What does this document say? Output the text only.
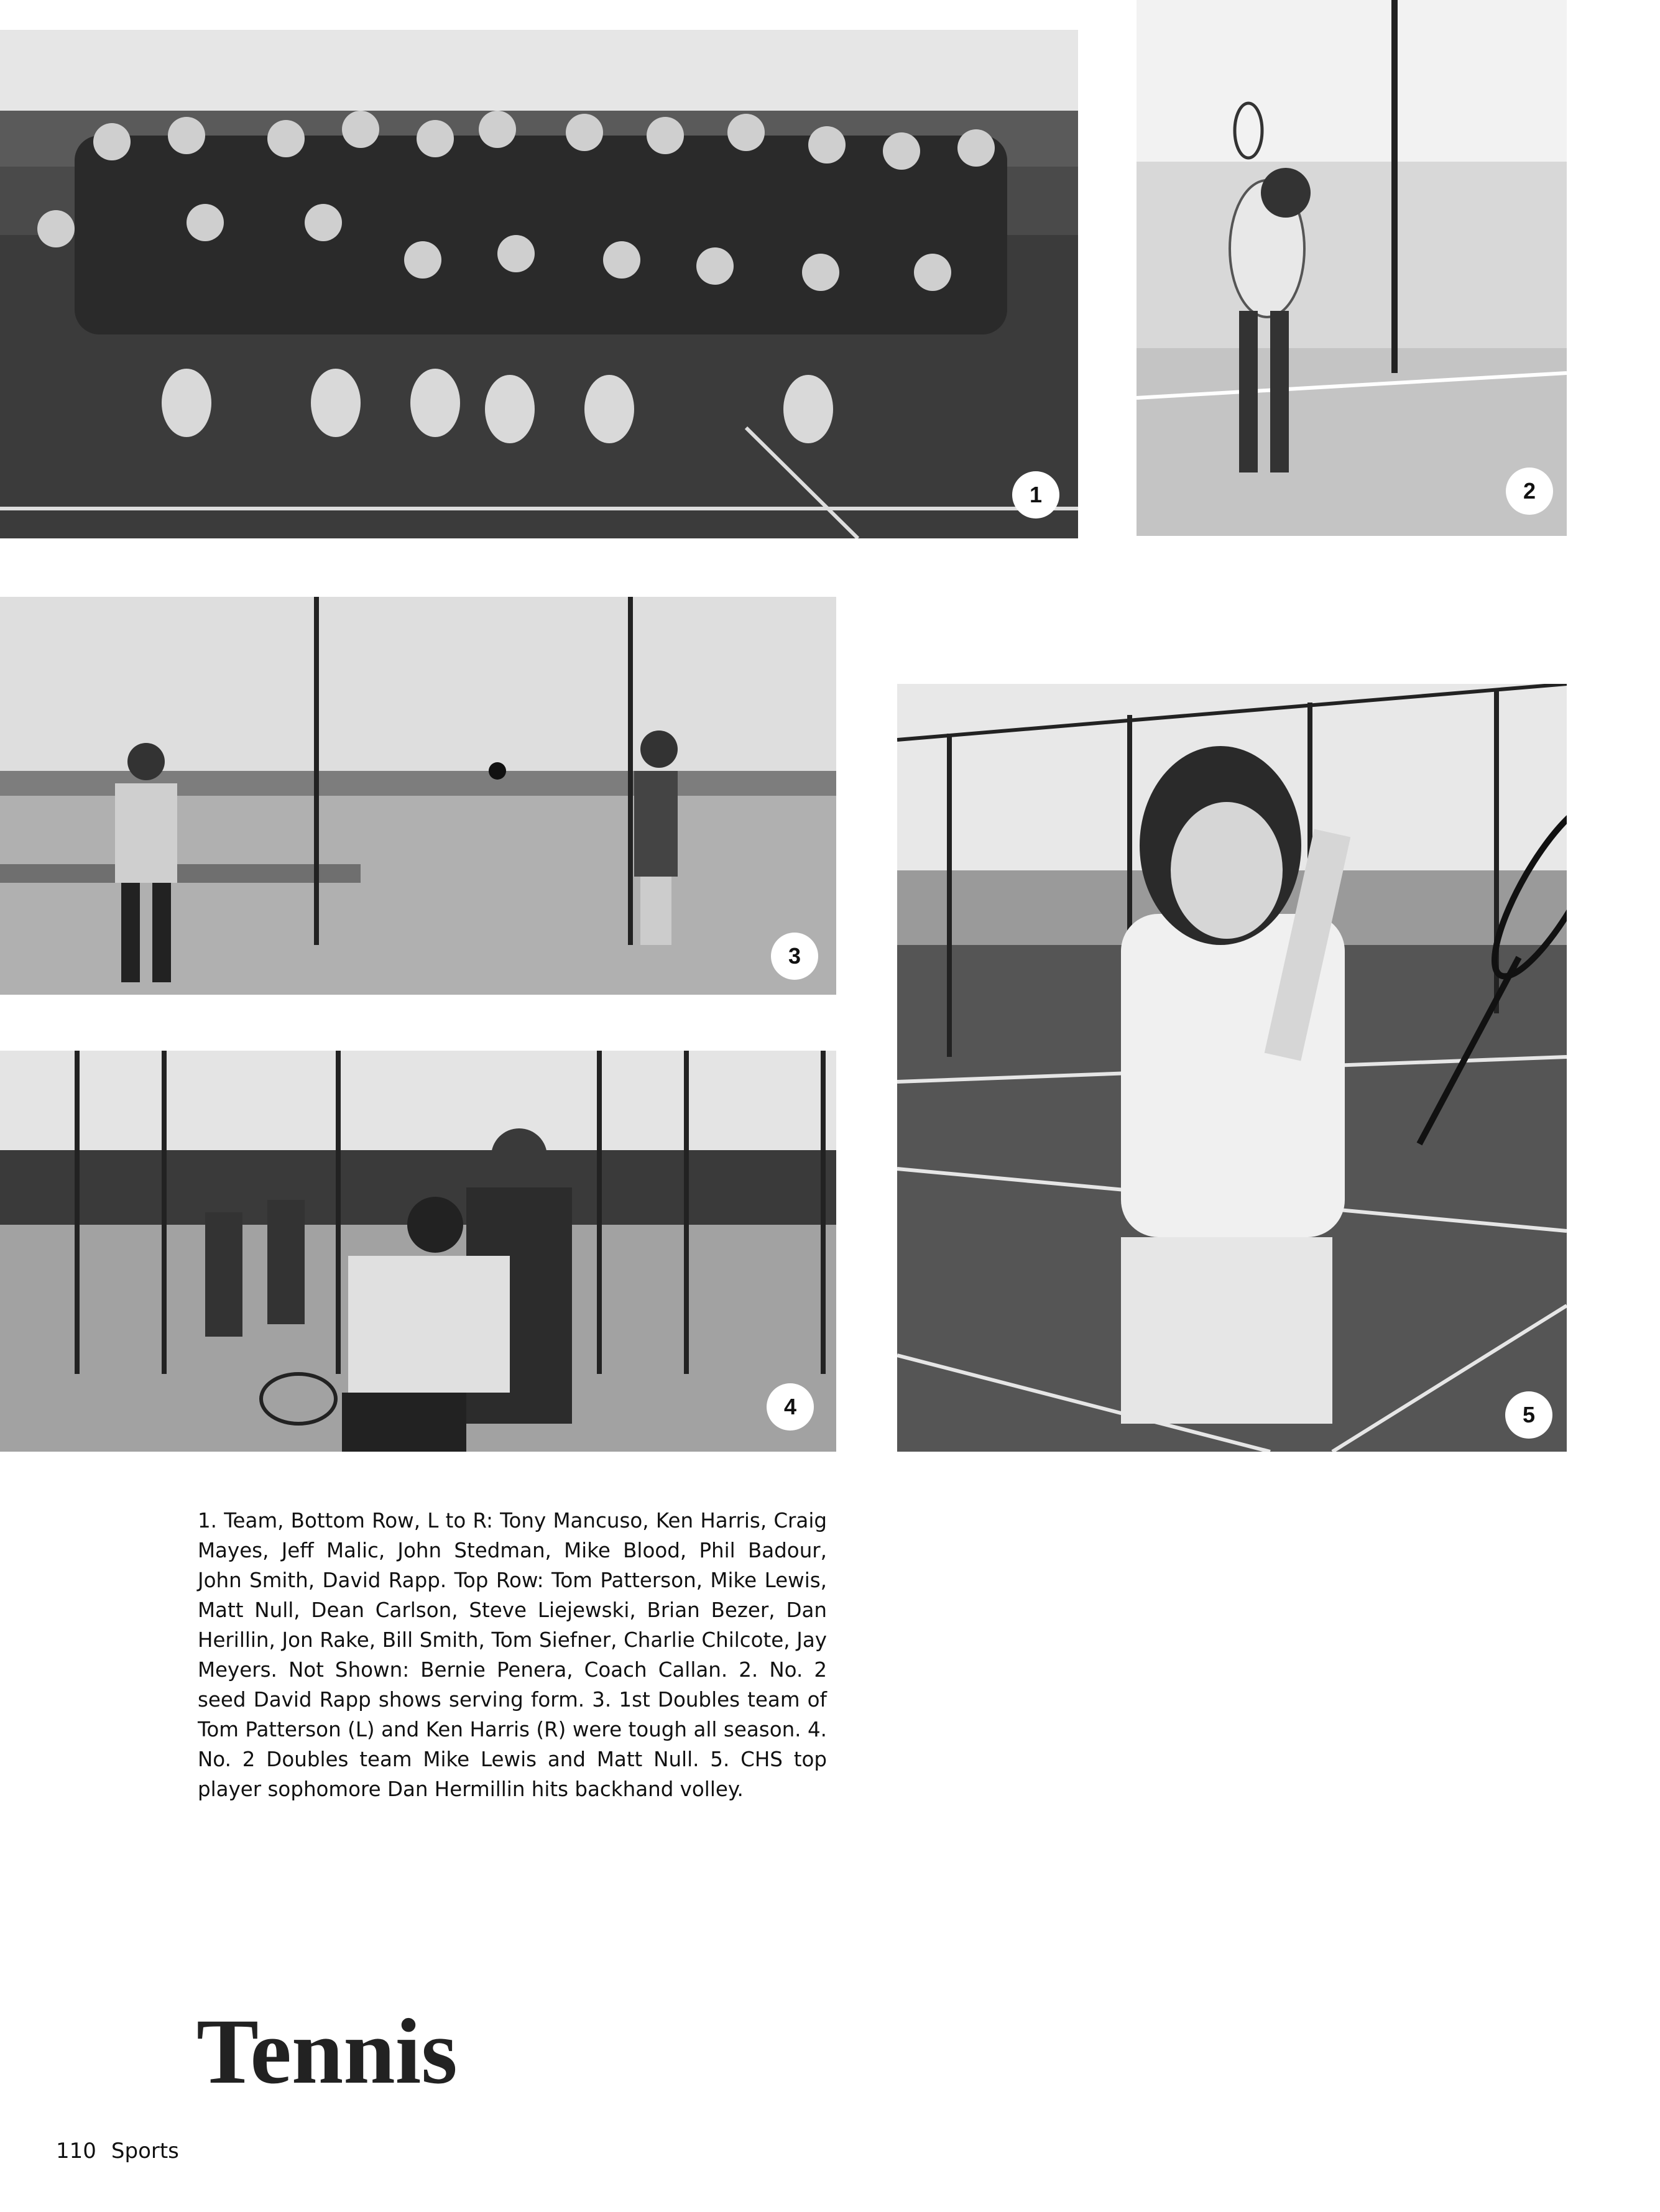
1	2
3
4	5
1. Team, Bottom Row, L to R: Tony Mancuso, Ken Harris, Craig Mayes, Jeff Malic, John Stedman, Mike Blood, Phil Badour, John Smith, David Rapp. Top Row: Tom Patterson, Mike Lewis, Matt Null, Dean Carlson, Steve Liejewski, Brian Bezer, Dan Herillin, Jon Rake, Bill Smith, Tom Siefner, Charlie Chilcote, Jay Meyers. Not Shown: Bernie Penera, Coach Callan. 2. No. 2 seed David Rapp shows serving form. 3. 1st Doubles team of Tom Patterson (L) and Ken Harris (R) were tough all season. 4. No. 2 Doubles team Mike Lewis and Matt Null. 5. CHS top player sophomore Dan Hermillin hits backhand volley.
Tennis
110 Sports
